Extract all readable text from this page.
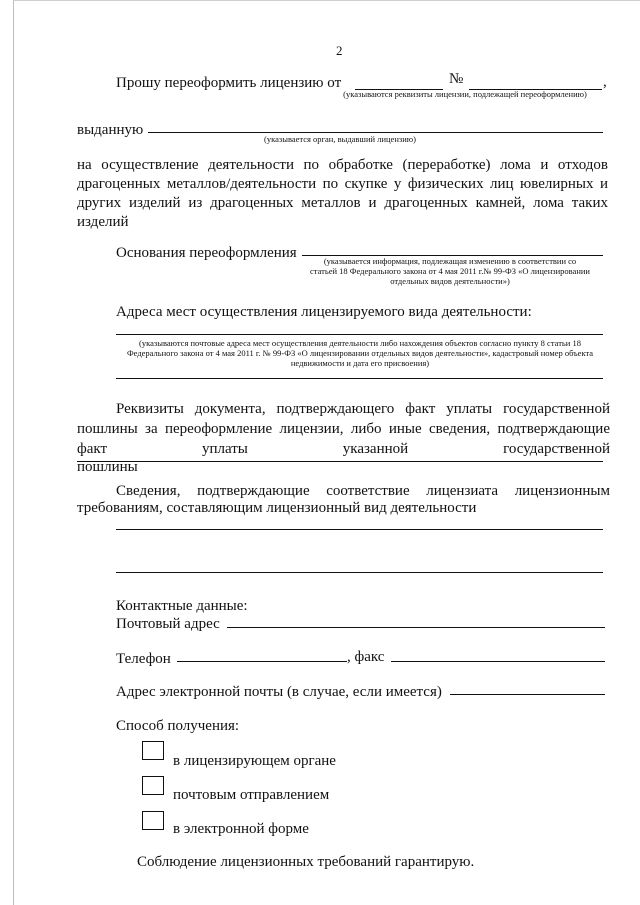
2
Прошу переоформить лицензию от	№	,
(указываются реквизиты лицензии, подлежащей переоформлению)
выданную
(указывается орган, выдавший лицензию)
на осуществление деятельности по обработке (переработке) лома и отходов драгоценных металлов/деятельности по скупке у физических лиц ювелирных и других изделий из драгоценных металлов и драгоценных камней, лома таких изделий
Основания переоформления	(указывается информация, подлежащая изменению в соответствии со
статьей 18 Федерального закона от 4 мая 2011 г.№ 99-ФЗ «О лицензировании
отдельных видов деятельности»)
Адреса мест осуществления лицензируемого вида деятельности:
(указываются почтовые адреса мест осуществления деятельности либо нахождения объектов согласно пункту 8 статьи 18 Федерального закона от 4 мая 2011 г. № 99-ФЗ «О лицензировании отдельных видов деятельности», кадастровый номер объекта недвижимости и дата его присвоения)
Реквизиты документа, подтверждающего факт уплаты государственной
пошлины за переоформление лицензии, либо иные сведения, подтверждающие
факт уплаты указанной государственной пошлины
Сведения, подтверждающие соответствие лицензиата лицензионным
требованиям, составляющим лицензионный вид деятельности
Контактные данные:
Почтовый адрес
Телефон	, факс
Адрес электронной почты (в случае, если имеется)
Способ получения:
в лицензирующем органе
почтовым отправлением
в электронной форме
Соблюдение лицензионных требований гарантирую.
